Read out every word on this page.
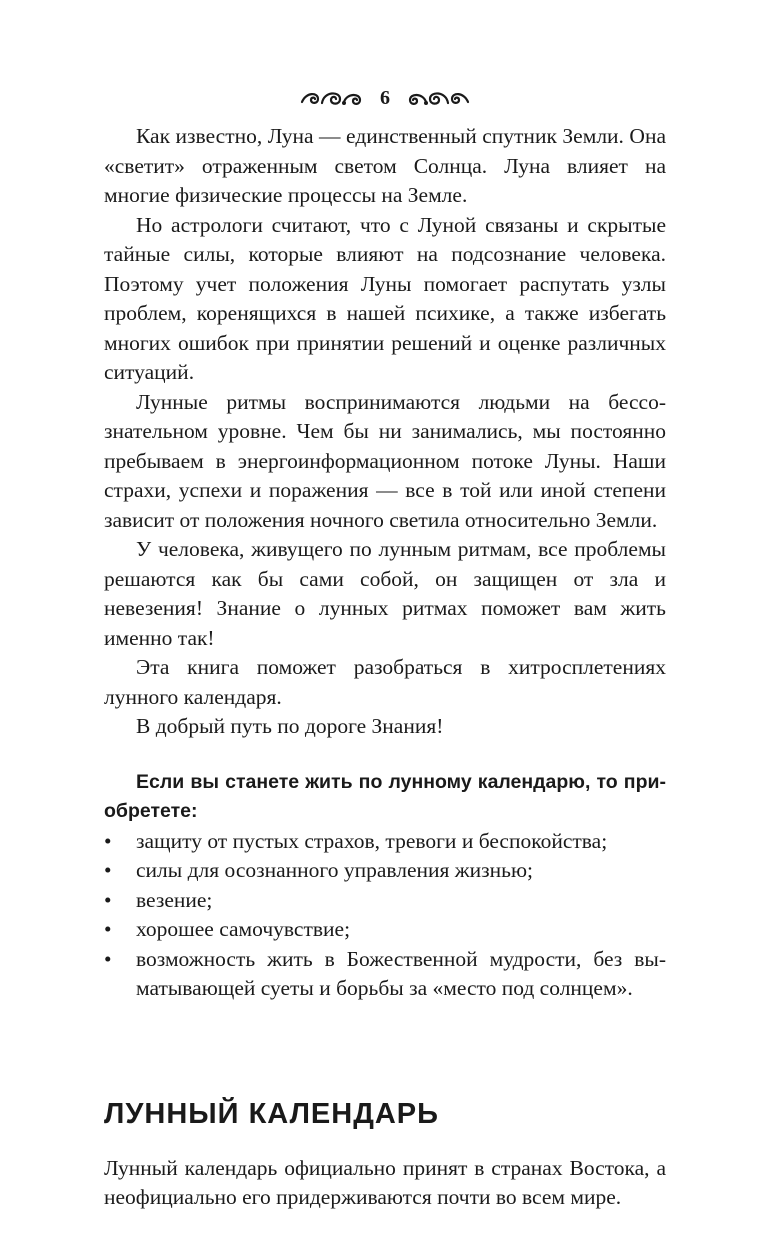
6

Как известно, Луна — единственный спутник Земли. Она «светит» отраженным светом Солнца. Луна влияет на многие физические процессы на Земле.

Но астрологи считают, что с Луной связаны и скрытые тайные силы, которые влияют на подсознание человека. Поэтому учет положения Луны помогает распутать узлы проблем, коренящихся в нашей психике, а также избегать многих ошибок при принятии решений и оценке различных ситуаций.

Лунные ритмы воспринимаются людьми на бессознательном уровне. Чем бы ни занимались, мы постоянно пребываем в энергоинформационном потоке Луны. Наши страхи, успехи и поражения — все в той или иной степени зависит от положения ночного светила относительно Земли.

У человека, живущего по лунным ритмам, все проблемы решаются как бы сами собой, он защищен от зла и невезения! Знание о лунных ритмах поможет вам жить именно так!

Эта книга поможет разобраться в хитросплетениях лунного календаря.

В добрый путь по дороге Знания!

Если вы станете жить по лунному календарю, то приобретете:

• защиту от пустых страхов, тревоги и беспокойства;
• силы для осознанного управления жизнью;
• везение;
• хорошее самочувствие;
• возможность жить в Божественной мудрости, без выматывающей суеты и борьбы за «место под солнцем».
ЛУННЫЙ КАЛЕНДАРЬ

Лунный календарь официально принят в странах Востока, а неофициально его придерживаются почти во всем мире.
